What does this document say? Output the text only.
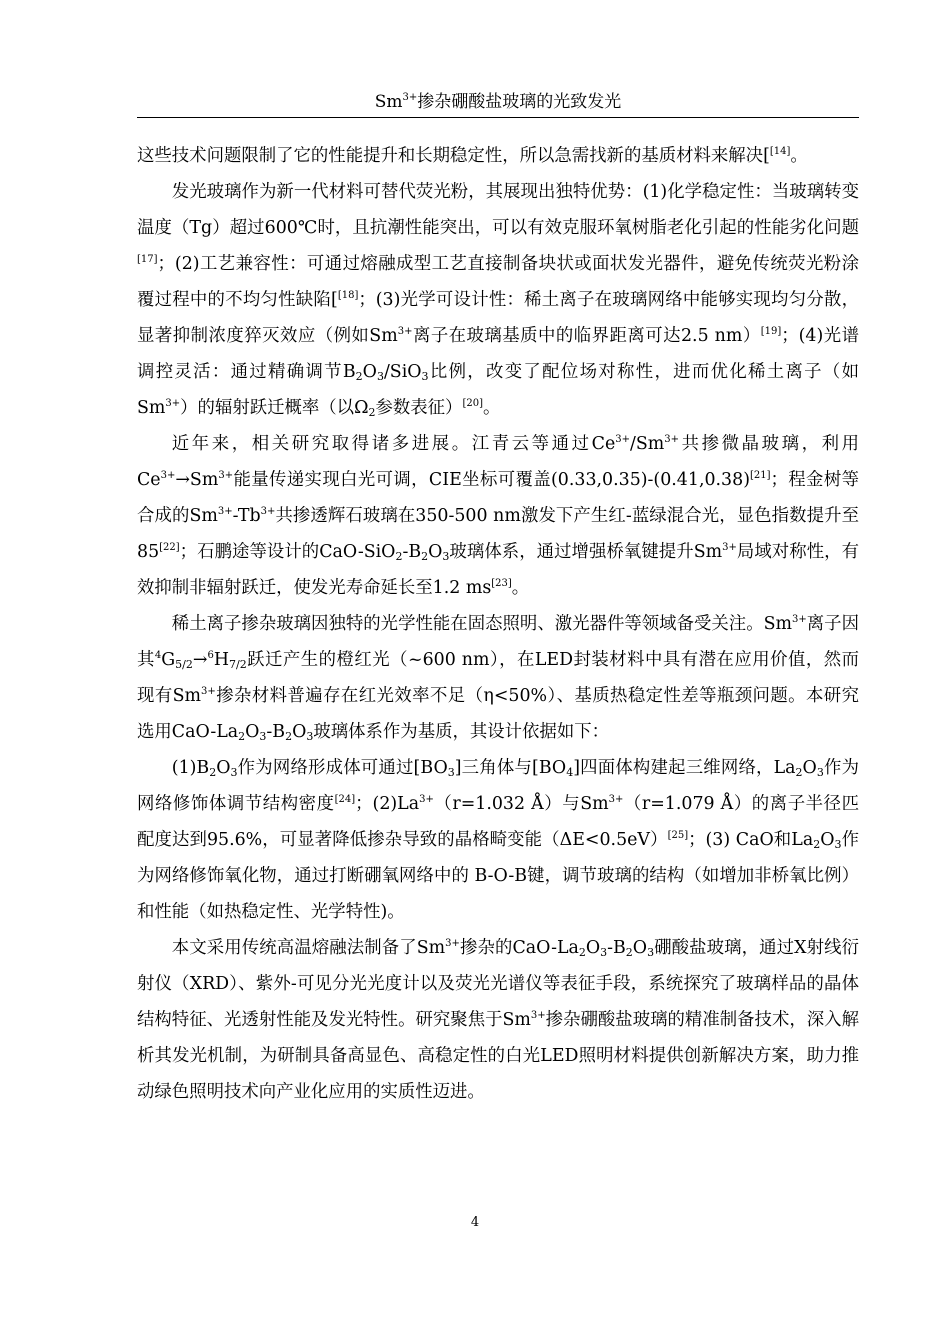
$Sm^{3+}$掺杂硼酸盐玻璃的光致发光

这些技术问题限制了它的性能提升和长期稳定性，所以急需找新的基质材料来解决[[14]。

发光玻璃作为新一代材料可替代荧光粉，其展现出独特优势：(1)化学稳定性：当玻璃转变温度（Tg）超过600℃时，且抗潮性能突出，可以有效克服环氧树脂老化引起的性能劣化问题[17]；(2)工艺兼容性：可通过熔融成型工艺直接制备块状或面状发光器件，避免传统荧光粉涂覆过程中的不均匀性缺陷[[18]；(3)光学可设计性：稀土离子在玻璃网络中能够实现均匀分散，显著抑制浓度猝灭效应（例如$Sm^{3+}$离子在玻璃基质中的临界距离可达2.5 nm）[19]；(4)光谱调控灵活：通过精确调节$B_2O_3/SiO_3$比例，改变了配位场对称性，进而优化稀土离子（如$Sm^{3+}$）的辐射跃迁概率（以$\Omega_2$参数表征）[20]。

近年来，相关研究取得诸多进展。江青云等通过$Ce^{3+}/Sm^{3+}$共掺微晶玻璃，利用$Ce^{3+}\to Sm^{3+}$能量传递实现白光可调，CIE坐标可覆盖(0.33,0.35)-(0.41,0.38)[21]；程金树等合成的$Sm^{3+}-Tb^{3+}$共掺透辉石玻璃在350-500 nm激发下产生红-蓝绿混合光，显色指数提升至85[22]；石鹏途等设计的CaO-$SiO_2-B_2O_3$玻璃体系，通过增强桥氧键提升$Sm^{3+}$局域对称性，有效抑制非辐射跃迁，使发光寿命延长至1.2 ms[23]。

稀土离子掺杂玻璃因独特的光学性能在固态照明、激光器件等领域备受关注。$Sm^{3+}$离子因其$^4G_{5/2}\to^6H_{7/2}$跃迁产生的橙红光（~600 nm），在LED封装材料中具有潜在应用价值，然而现有$Sm^{3+}$掺杂材料普遍存在红光效率不足（η<50%）、基质热稳定性差等瓶颈问题。本研究选用CaO-$La_2O_3-B_2O_3$玻璃体系作为基质，其设计依据如下：

$(1)B_2O_3$作为网络形成体可通过$[BO_3]$三角体与$[BO_4]$四面体构建起三维网络，$La_2O_3$作为网络修饰体调节结构密度[24]；$(2)La^{3+}(r=1.032$ Å）与$Sm^{3+}(r=1.079$ Å）的离子半径匹配度达到95.6%，可显著降低掺杂导致的晶格畸变能（ΔE<0.5eV）[25]；(3) CaO和$La_2O_3$作为网络修饰氧化物，通过打断硼氧网络中的 B-O-B键，调节玻璃的结构（如增加非桥氧比例）和性能（如热稳定性、光学特性)。

本文采用传统高温熔融法制备了$Sm^{3+}$掺杂的CaO-$La_2O_3-B_2O_3$硼酸盐玻璃，通过X射线衍射仪（XRD）、紫外-可见分光光度计以及荧光光谱仪等表征手段，系统探究了玻璃样品的晶体结构特征、光透射性能及发光特性。研究聚焦于$Sm^{3+}$掺杂硼酸盐玻璃的精准制备技术，深入解析其发光机制，为研制具备高显色、高稳定性的白光LED照明材料提供创新解决方案，助力推动绿色照明技术向产业化应用的实质性迈进。

4
